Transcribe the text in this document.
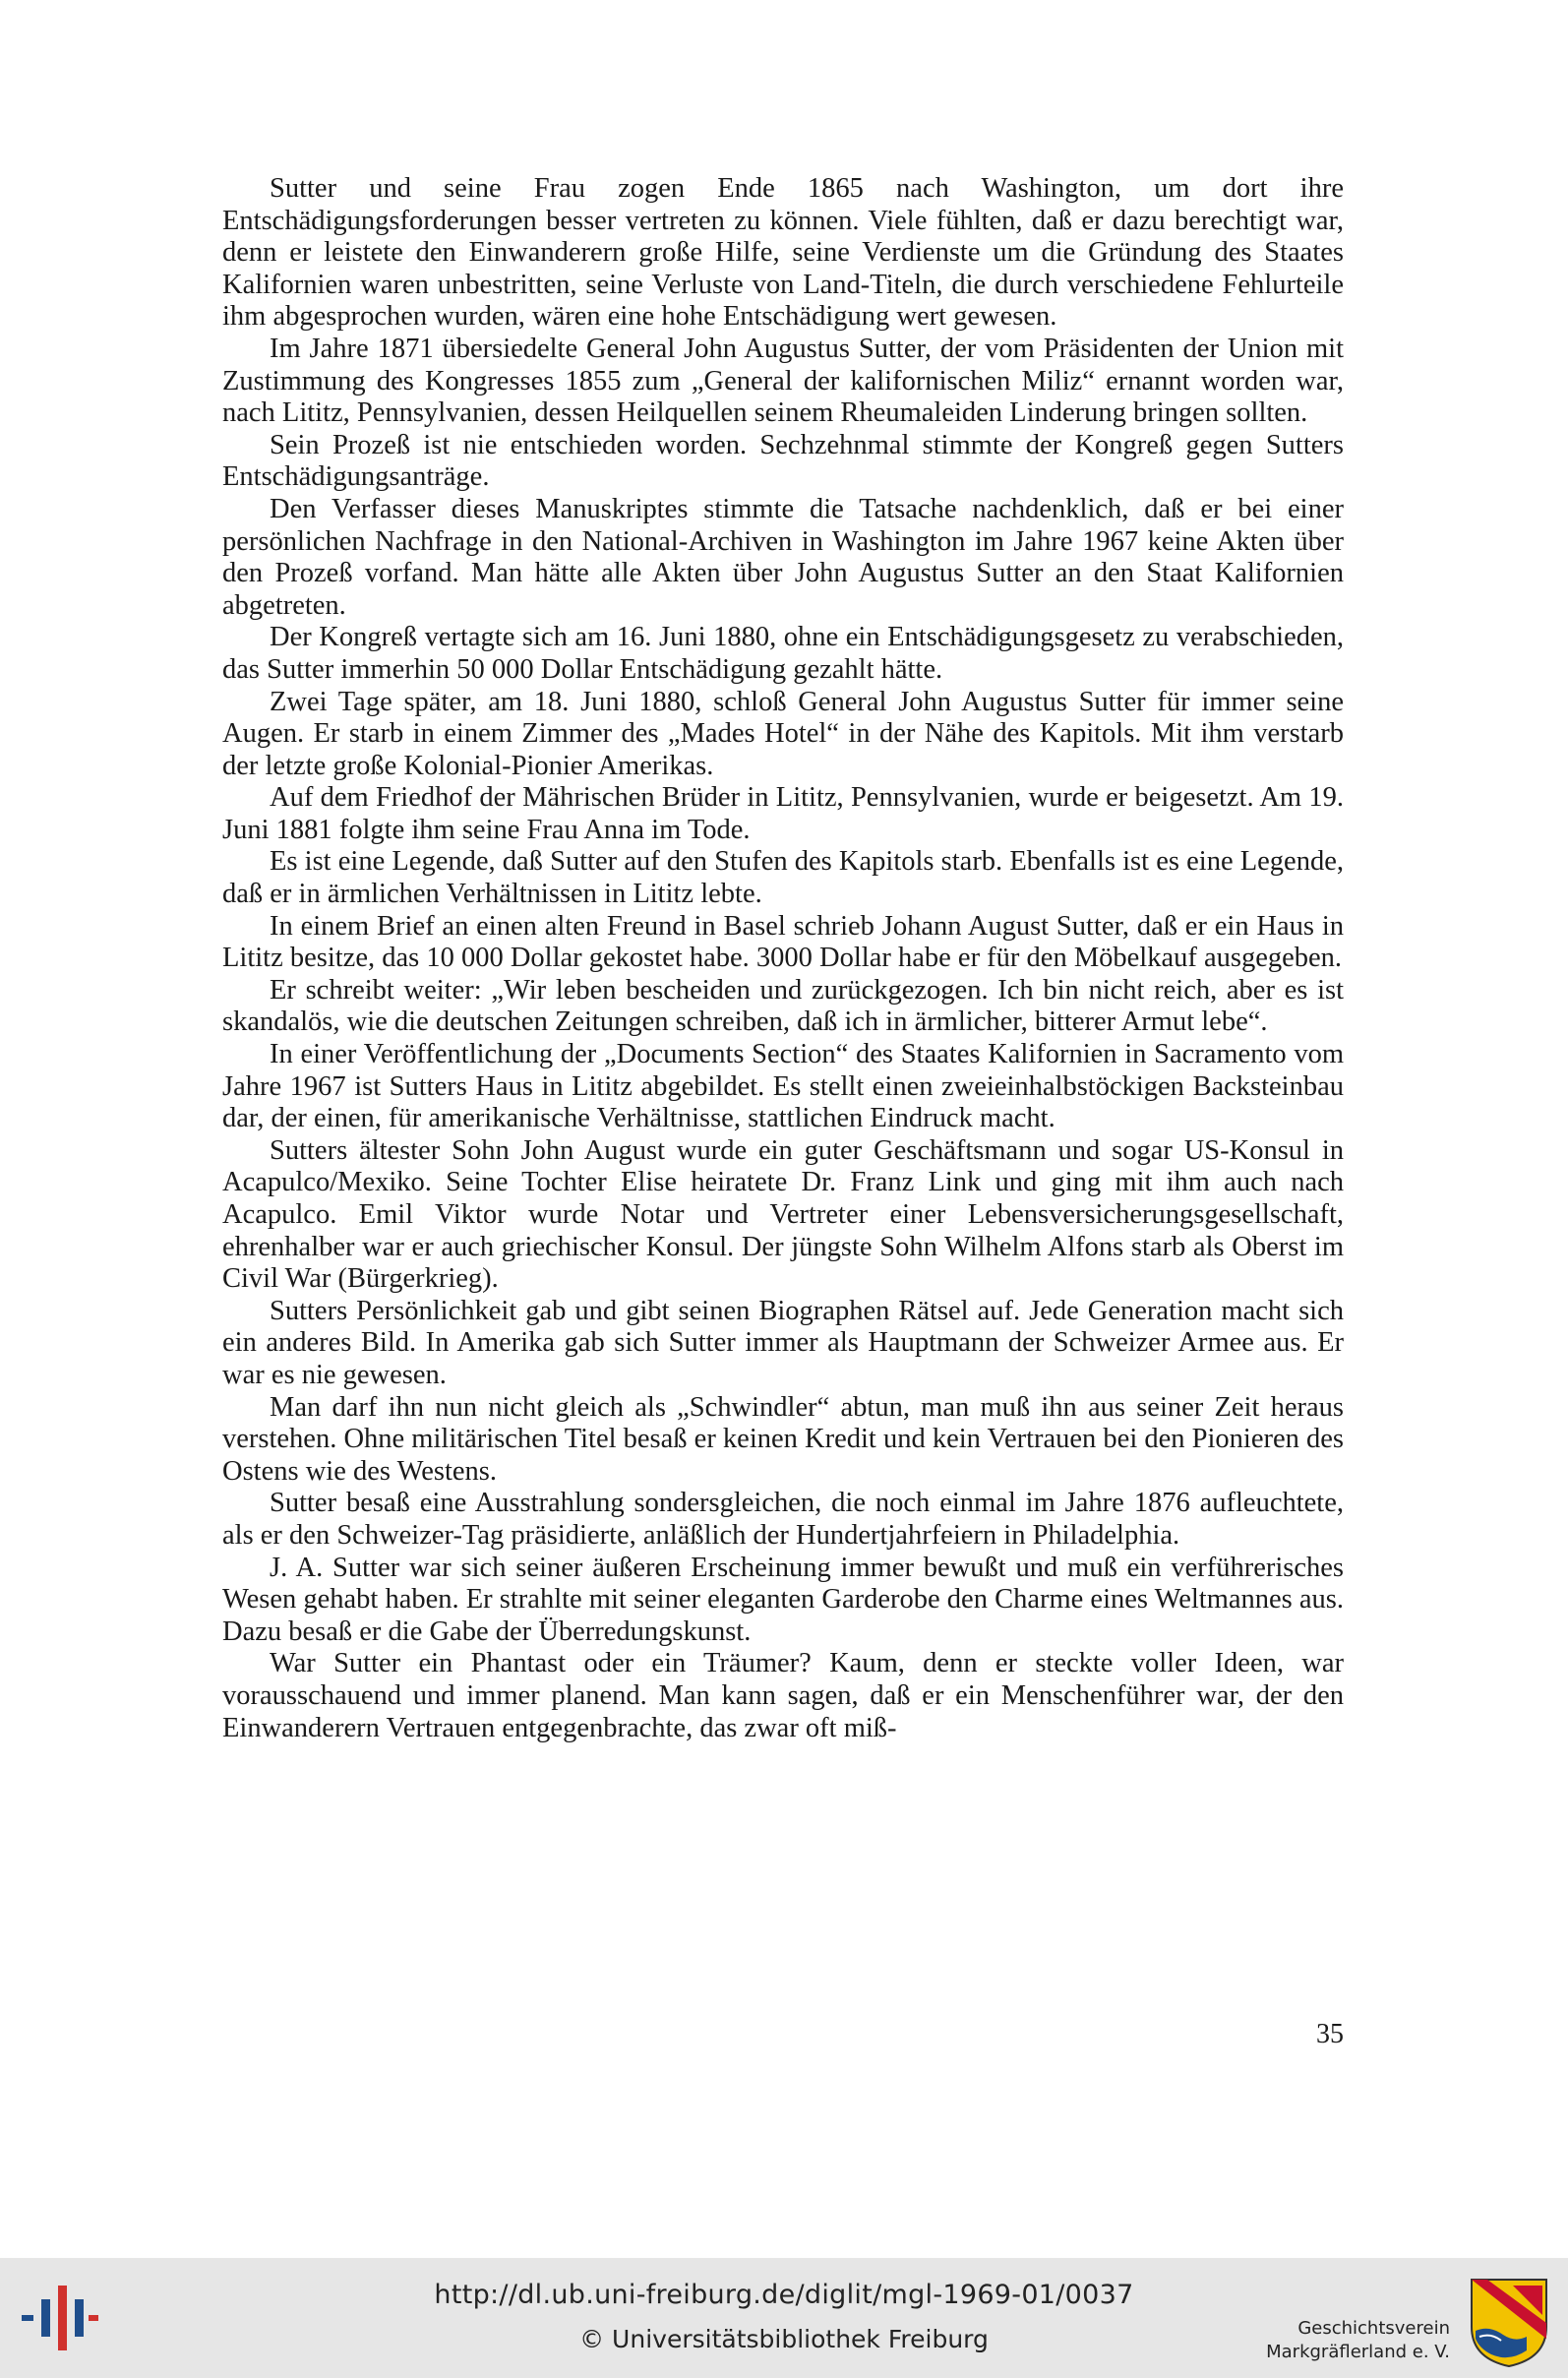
Sutter und seine Frau zogen Ende 1865 nach Washington, um dort ihre Entschädigungsforderungen besser vertreten zu können. Viele fühlten, daß er dazu berechtigt war, denn er leistete den Einwanderern große Hilfe, seine Verdienste um die Gründung des Staates Kalifornien waren unbestritten, seine Verluste von Land-Titeln, die durch verschiedene Fehlurteile ihm abgesprochen wurden, wären eine hohe Entschädigung wert gewesen.

Im Jahre 1871 übersiedelte General John Augustus Sutter, der vom Präsidenten der Union mit Zustimmung des Kongresses 1855 zum „General der kalifornischen Miliz“ ernannt worden war, nach Lititz, Pennsylvanien, dessen Heilquellen seinem Rheumaleiden Linderung bringen sollten.

Sein Prozeß ist nie entschieden worden. Sechzehnmal stimmte der Kongreß gegen Sutters Entschädigungsanträge.

Den Verfasser dieses Manuskriptes stimmte die Tatsache nachdenklich, daß er bei einer persönlichen Nachfrage in den National-Archiven in Washington im Jahre 1967 keine Akten über den Prozeß vorfand. Man hätte alle Akten über John Augustus Sutter an den Staat Kalifornien abgetreten.

Der Kongreß vertagte sich am 16. Juni 1880, ohne ein Entschädigungsgesetz zu verabschieden, das Sutter immerhin 50 000 Dollar Entschädigung gezahlt hätte.

Zwei Tage später, am 18. Juni 1880, schloß General John Augustus Sutter für immer seine Augen. Er starb in einem Zimmer des „Mades Hotel“ in der Nähe des Kapitols. Mit ihm verstarb der letzte große Kolonial-Pionier Amerikas.

Auf dem Friedhof der Mährischen Brüder in Lititz, Pennsylvanien, wurde er beigesetzt. Am 19. Juni 1881 folgte ihm seine Frau Anna im Tode.

Es ist eine Legende, daß Sutter auf den Stufen des Kapitols starb. Ebenfalls ist es eine Legende, daß er in ärmlichen Verhältnissen in Lititz lebte.

In einem Brief an einen alten Freund in Basel schrieb Johann August Sutter, daß er ein Haus in Lititz besitze, das 10 000 Dollar gekostet habe. 3000 Dollar habe er für den Möbelkauf ausgegeben.

Er schreibt weiter: „Wir leben bescheiden und zurückgezogen. Ich bin nicht reich, aber es ist skandalös, wie die deutschen Zeitungen schreiben, daß ich in ärmlicher, bitterer Armut lebe“.

In einer Veröffentlichung der „Documents Section“ des Staates Kalifornien in Sacramento vom Jahre 1967 ist Sutters Haus in Lititz abgebildet. Es stellt einen zweieinhalbstöckigen Backsteinbau dar, der einen, für amerikanische Verhältnisse, stattlichen Eindruck macht.

Sutters ältester Sohn John August wurde ein guter Geschäftsmann und sogar US-Konsul in Acapulco/Mexiko. Seine Tochter Elise heiratete Dr. Franz Link und ging mit ihm auch nach Acapulco. Emil Viktor wurde Notar und Vertreter einer Lebensversicherungsgesellschaft, ehrenhalber war er auch griechischer Konsul. Der jüngste Sohn Wilhelm Alfons starb als Oberst im Civil War (Bürgerkrieg).

Sutters Persönlichkeit gab und gibt seinen Biographen Rätsel auf. Jede Generation macht sich ein anderes Bild. In Amerika gab sich Sutter immer als Hauptmann der Schweizer Armee aus. Er war es nie gewesen.

Man darf ihn nun nicht gleich als „Schwindler“ abtun, man muß ihn aus seiner Zeit heraus verstehen. Ohne militärischen Titel besaß er keinen Kredit und kein Vertrauen bei den Pionieren des Ostens wie des Westens.

Sutter besaß eine Ausstrahlung sondersgleichen, die noch einmal im Jahre 1876 aufleuchtete, als er den Schweizer-Tag präsidierte, anläßlich der Hundertjahrfeiern in Philadelphia.

J. A. Sutter war sich seiner äußeren Erscheinung immer bewußt und muß ein verführerisches Wesen gehabt haben. Er strahlte mit seiner eleganten Garderobe den Charme eines Weltmannes aus. Dazu besaß er die Gabe der Überredungskunst.

War Sutter ein Phantast oder ein Träumer? Kaum, denn er steckte voller Ideen, war vorausschauend und immer planend. Man kann sagen, daß er ein Menschenführer war, der den Einwanderern Vertrauen entgegenbrachte, das zwar oft miß-

35
http://dl.ub.uni-freiburg.de/diglit/mgl-1969-01/0037
© Universitätsbibliothek Freiburg	Geschichtsverein
Markgräflerland e. V.
